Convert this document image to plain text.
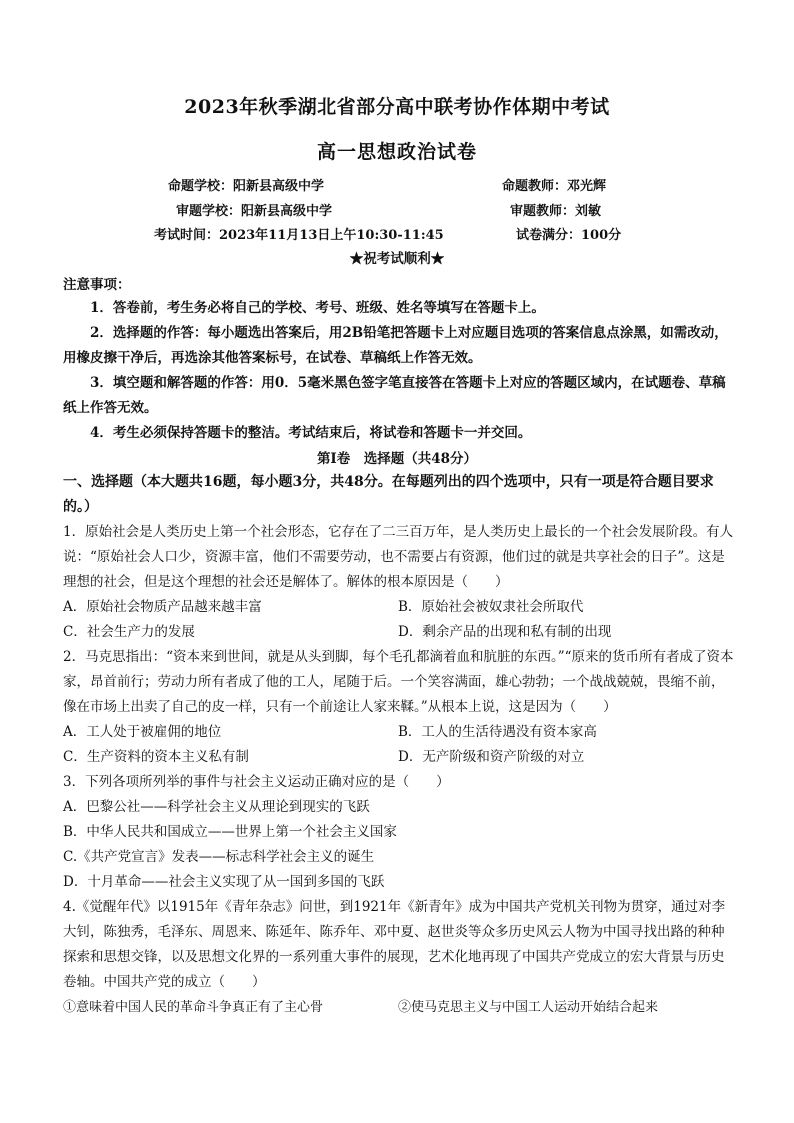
2023年秋季湖北省部分高中联考协作体期中考试
高一思想政治试卷
命题学校：阳新县高级中学	命题教师：邓光辉
审题学校：阳新县高级中学	审题教师：刘敏
考试时间：2023年11月13日上午10:30-11:45	试卷满分：100分
★祝考试顺利★
注意事项：

1．答卷前，考生务必将自己的学校、考号、班级、姓名等填写在答题卡上。

2．选择题的作答：每小题选出答案后，用2B铅笔把答题卡上对应题目选项的答案信息点涂黑，如需改动，用橡皮擦干净后，再选涂其他答案标号，在试卷、草稿纸上作答无效。

3．填空题和解答题的作答：用0．5毫米黑色签字笔直接答在答题卡上对应的答题区域内，在试题卷、草稿纸上作答无效。

4．考生必须保持答题卡的整洁。考试结束后，将试卷和答题卡一并交回。

第Ⅰ卷　选择题（共48分）
一、选择题（本大题共16题，每小题3分，共48分。在每题列出的四个选项中，只有一项是符合题目要求的。）

1．原始社会是人类历史上第一个社会形态，它存在了二三百万年，是人类历史上最长的一个社会发展阶段。有人说：“原始社会人口少，资源丰富，他们不需要劳动，也不需要占有资源，他们过的就是共享社会的日子”。这是理想的社会，但是这个理想的社会还是解体了。解体的根本原因是（　　）

A．原始社会物质产品越来越丰富	B．原始社会被奴隶社会所取代
C．社会生产力的发展	D．剩余产品的出现和私有制的出现

2．马克思指出：“资本来到世间，就是从头到脚，每个毛孔都滴着血和肮脏的东西。”“原来的货币所有者成了资本家，昂首前行；劳动力所有者成了他的工人，尾随于后。一个笑容满面，雄心勃勃；一个战战兢兢，畏缩不前，像在市场上出卖了自己的皮一样，只有一个前途让人家来鞣。”从根本上说，这是因为（　　）

A．工人处于被雇佣的地位	B．工人的生活待遇没有资本家高
C．生产资料的资本主义私有制	D．无产阶级和资产阶级的对立

3．下列各项所列举的事件与社会主义运动正确对应的是（　　）

A．巴黎公社——科学社会主义从理论到现实的飞跃
B．中华人民共和国成立——世界上第一个社会主义国家
C.《共产党宣言》发表——标志科学社会主义的诞生
D．十月革命——社会主义实现了从一国到多国的飞跃

4.《觉醒年代》以1915年《青年杂志》问世，到1921年《新青年》成为中国共产党机关刊物为贯穿，通过对李大钊，陈独秀，毛泽东、周恩来、陈延年、陈乔年、邓中夏、赵世炎等众多历史风云人物为中国寻找出路的种种探索和思想交锋，以及思想文化界的一系列重大事件的展现，艺术化地再现了中国共产党成立的宏大背景与历史卷轴。中国共产党的成立（　　）

①意味着中国人民的革命斗争真正有了主心骨	②使马克思主义与中国工人运动开始结合起来
